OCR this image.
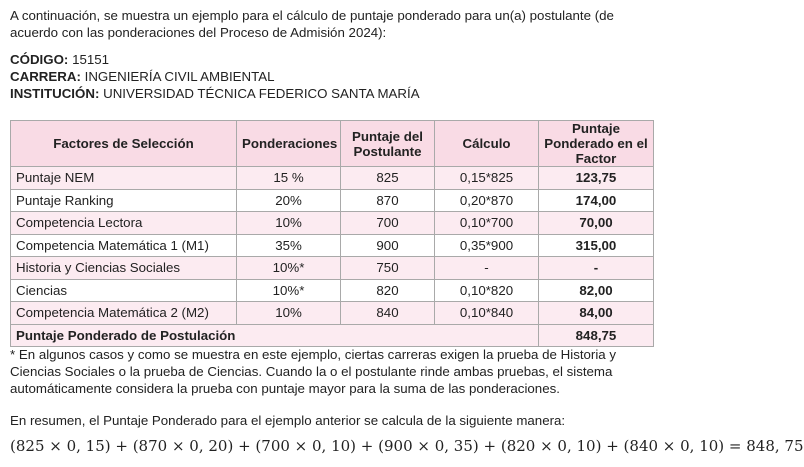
A continuación, se muestra un ejemplo para el cálculo de puntaje ponderado para un(a) postulante (de acuerdo con las ponderaciones del Proceso de Admisión 2024):
CÓDIGO: 15151
CARRERA: INGENIERÍA CIVIL AMBIENTAL
INSTITUCIÓN: UNIVERSIDAD TÉCNICA FEDERICO SANTA MARÍA
Factores de Selección	Ponderaciones	Puntaje del Postulante	Cálculo	Puntaje Ponderado en el Factor
Puntaje NEM	15 %	825	0,15*825	123,75
Puntaje Ranking	20%	870	0,20*870	174,00
Competencia Lectora	10%	700	0,10*700	70,00
Competencia Matemática 1 (M1)	35%	900	0,35*900	315,00
Historia y Ciencias Sociales	10%*	750	-	-
Ciencias	10%*	820	0,10*820	82,00
Competencia Matemática 2 (M2)	10%	840	0,10*840	84,00
Puntaje Ponderado de Postulación				848,75
* En algunos casos y como se muestra en este ejemplo, ciertas carreras exigen la prueba de Historia y Ciencias Sociales o la prueba de Ciencias. Cuando la o el postulante rinde ambas pruebas, el sistema automáticamente considera la prueba con puntaje mayor para la suma de las ponderaciones.
En resumen, el Puntaje Ponderado para el ejemplo anterior se calcula de la siguiente manera:
(825 × 0, 15) + (870 × 0, 20) + (700 × 0, 10) + (900 × 0, 35) + (820 × 0, 10) + (840 × 0, 10) = 848, 75
